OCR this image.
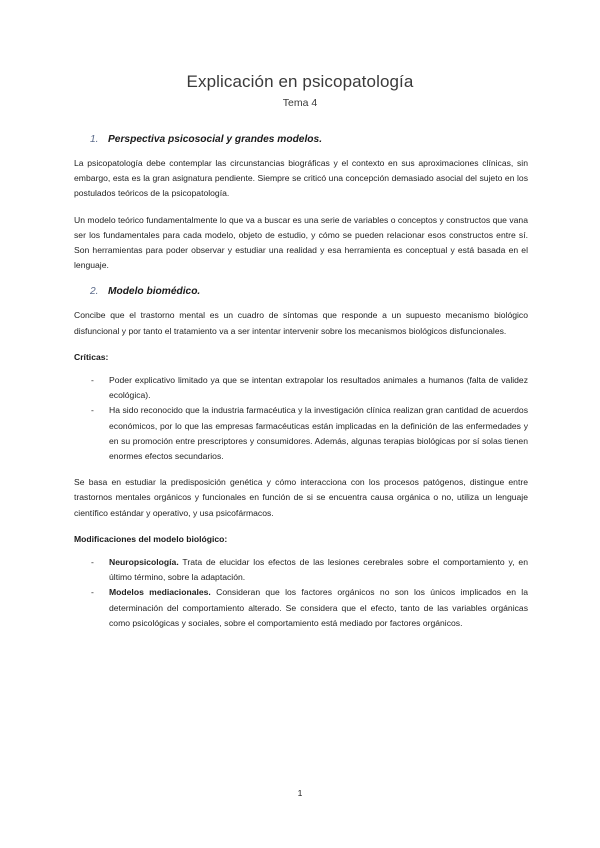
Explicación en psicopatología

Tema 4

1. Perspectiva psicosocial y grandes modelos.

La psicopatología debe contemplar las circunstancias biográficas y el contexto en sus aproximaciones clínicas, sin embargo, esta es la gran asignatura pendiente. Siempre se criticó una concepción demasiado asocial del sujeto en los postulados teóricos de la psicopatología.

Un modelo teórico fundamentalmente lo que va a buscar es una serie de variables o conceptos y constructos que vana ser los fundamentales para cada modelo, objeto de estudio, y cómo se pueden relacionar esos constructos entre sí. Son herramientas para poder observar y estudiar una realidad y esa herramienta es conceptual y está basada en el lenguaje.

2. Modelo biomédico.

Concibe que el trastorno mental es un cuadro de síntomas que responde a un supuesto mecanismo biológico disfuncional y por tanto el tratamiento va a ser intentar intervenir sobre los mecanismos biológicos disfuncionales.

Críticas:

- Poder explicativo limitado ya que se intentan extrapolar los resultados animales a humanos (falta de validez ecológica).
- Ha sido reconocido que la industria farmacéutica y la investigación clínica realizan gran cantidad de acuerdos económicos, por lo que las empresas farmacéuticas están implicadas en la definición de las enfermedades y en su promoción entre prescriptores y consumidores. Además, algunas terapias biológicas por sí solas tienen enormes efectos secundarios.

Se basa en estudiar la predisposición genética y cómo interacciona con los procesos patógenos, distingue entre trastornos mentales orgánicos y funcionales en función de si se encuentra causa orgánica o no, utiliza un lenguaje científico estándar y operativo, y usa psicofármacos.

Modificaciones del modelo biológico:

- Neuropsicología. Trata de elucidar los efectos de las lesiones cerebrales sobre el comportamiento y, en último término, sobre la adaptación.
- Modelos mediacionales. Consideran que los factores orgánicos no son los únicos implicados en la determinación del comportamiento alterado. Se considera que el efecto, tanto de las variables orgánicas como psicológicas y sociales, sobre el comportamiento está mediado por factores orgánicos.

1
